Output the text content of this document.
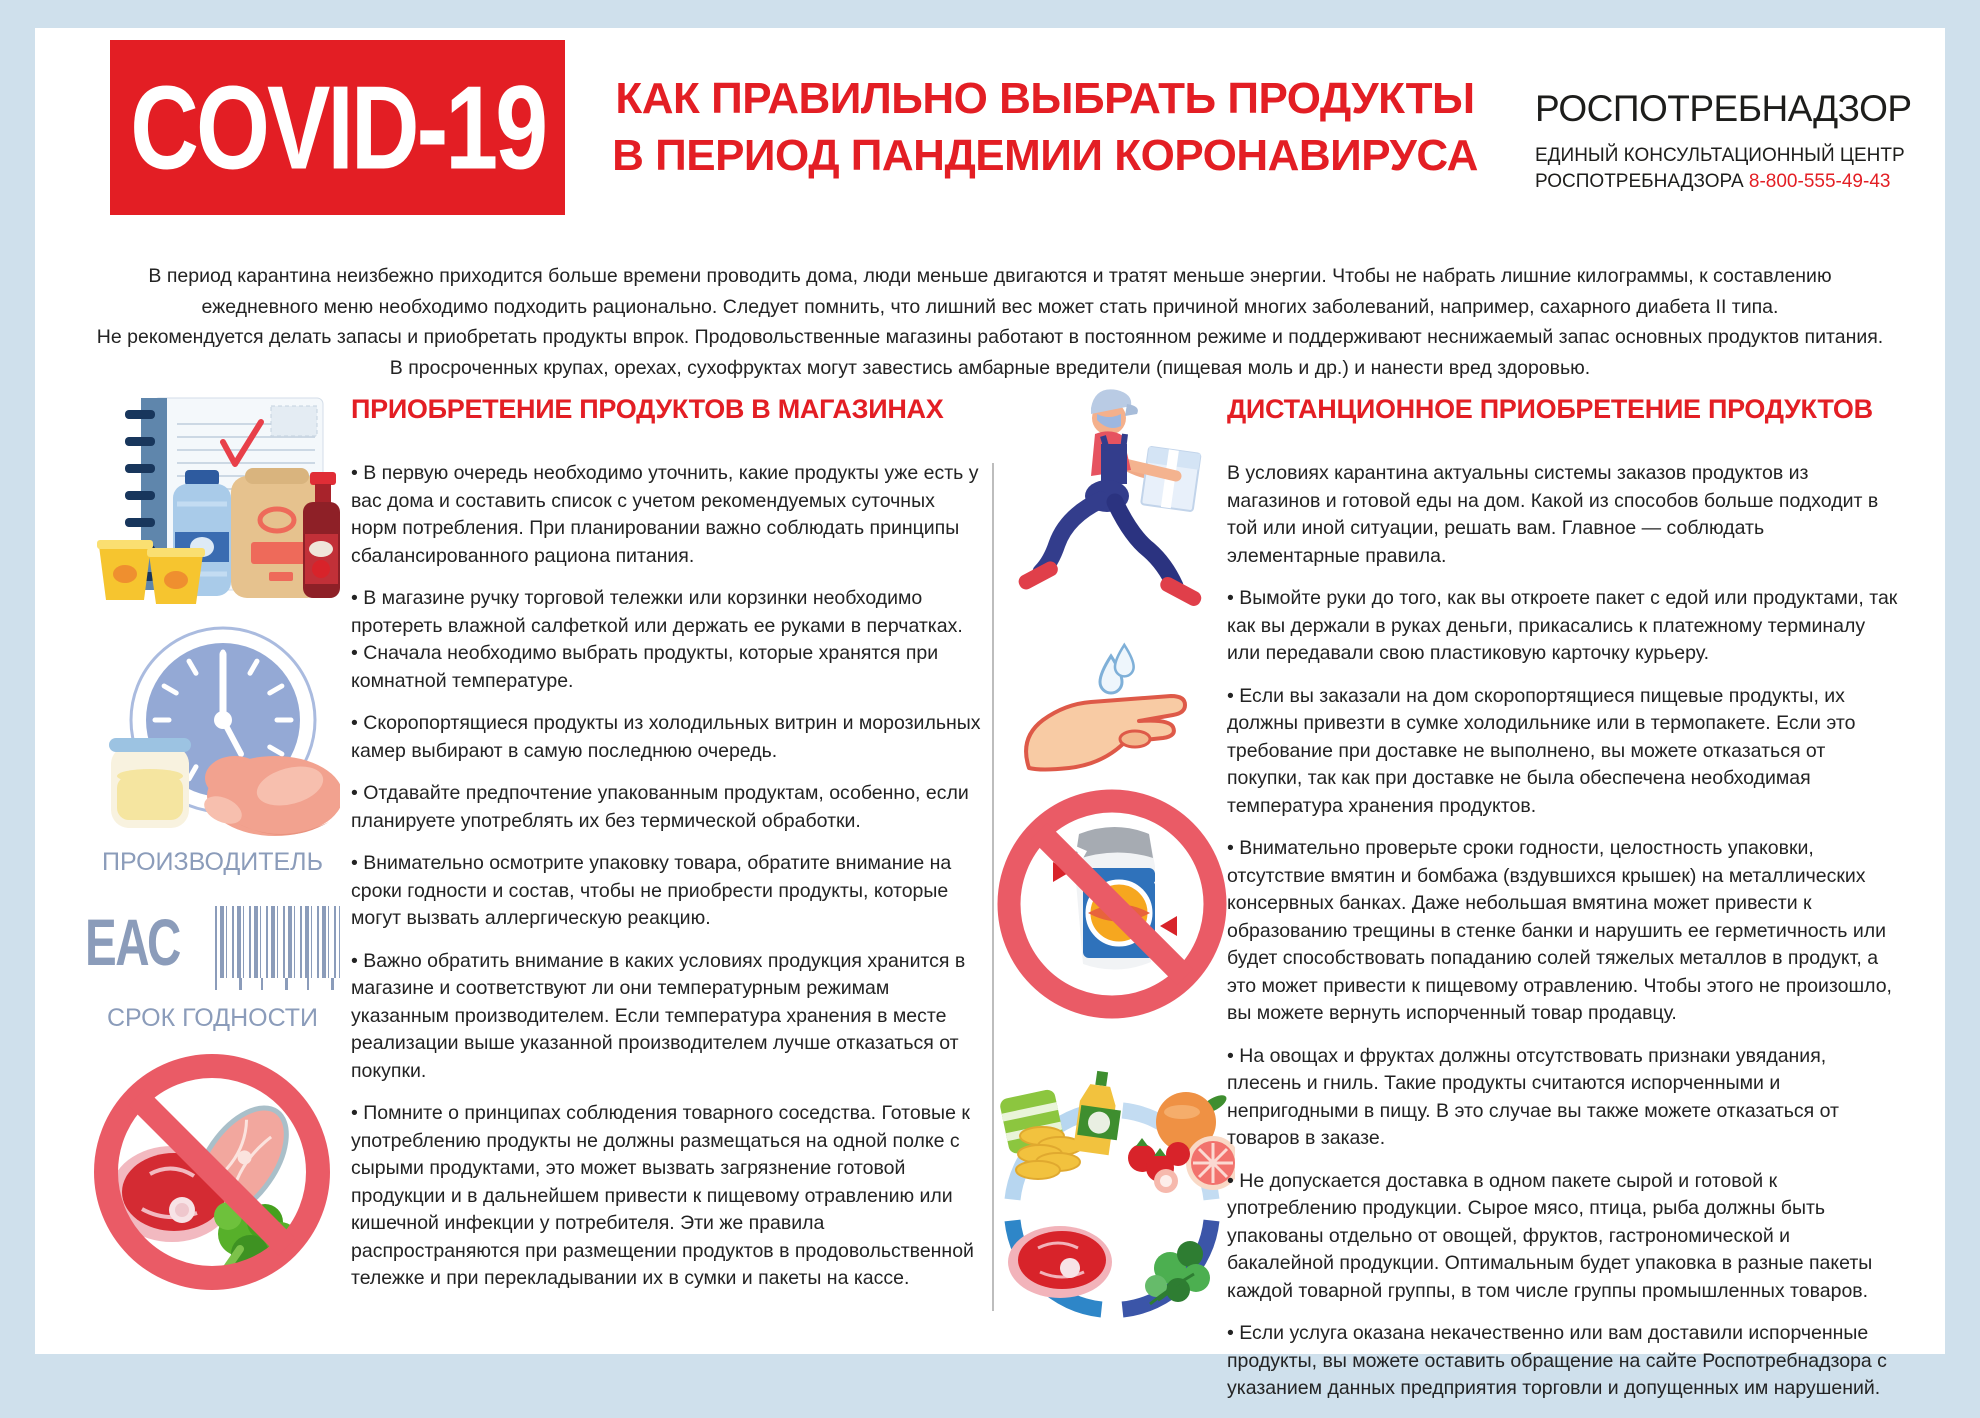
COVID-19	КАК ПРАВИЛЬНО ВЫБРАТЬ ПРОДУКТЫ
В ПЕРИОД ПАНДЕМИИ КОРОНАВИРУСА
РОСПОТРЕБНАДЗОР
ЕДИНЫЙ КОНСУЛЬТАЦИОННЫЙ ЦЕНТР
РОСПОТРЕБНАДЗОРА 8-800-555-49-43
В период карантина неизбежно приходится больше времени проводить дома, люди меньше двигаются и тратят меньше энергии. Чтобы не набрать лишние килограммы, к составлению
ежедневного меню необходимо подходить рационально. Следует помнить, что лишний вес может стать причиной многих заболеваний, например, сахарного диабета II типа.
Не рекомендуется делать запасы и приобретать продукты впрок. Продовольственные магазины работают в постоянном режиме и поддерживают неснижаемый запас основных продуктов питания.
В просроченных крупах, орехах, сухофруктах могут завестись амбарные вредители (пищевая моль и др.) и нанести вред здоровью.
ПРОИЗВОДИТЕЛЬ
ЕАС
СРОК ГОДНОСТИ
ПРИОБРЕТЕНИЕ ПРОДУКТОВ В МАГАЗИНАХ

• В первую очередь необходимо уточнить, какие продукты уже есть у вас дома и составить список с учетом рекомендуемых суточных норм потребления. При планировании важно соблюдать принципы сбалансированного рациона питания.

• В магазине ручку торговой тележки или корзинки необходимо протереть влажной салфеткой или держать ее руками в перчатках.

• Сначала необходимо выбрать продукты, которые хранятся при комнатной температуре.

• Скоропортящиеся продукты из холодильных витрин и морозильных камер выбирают в самую последнюю очередь.

• Отдавайте предпочтение упакованным продуктам, особенно, если планируете употреблять их без термической обработки.

• Внимательно осмотрите упаковку товара, обратите внимание на сроки годности и состав, чтобы не приобрести продукты, которые могут вызвать аллергическую реакцию.

• Важно обратить внимание в каких условиях продукция хранится в магазине и соответствуют ли они температурным режимам указанным производителем. Если температура хранения в месте реализации выше указанной производителем лучше отказаться от покупки.

• Помните о принципах соблюдения товарного соседства. Готовые к употреблению продукты не должны размещаться на одной полке с сырыми продуктами, это может вызвать загрязнение готовой продукции и в дальнейшем привести к пищевому отравлению или кишечной инфекции у потребителя. Эти же правила распространяются при размещении продуктов в продовольственной тележке и при перекладывании их в сумки и пакеты на кассе.

ДИСТАНЦИОННОЕ ПРИОБРЕТЕНИЕ ПРОДУКТОВ

В условиях карантина актуальны системы заказов продуктов из магазинов и готовой еды на дом. Какой из способов больше подходит в той или иной ситуации, решать вам. Главное — соблюдать элементарные правила.

• Вымойте руки до того, как вы откроете пакет с едой или продуктами, так как вы держали в руках деньги, прикасались к платежному терминалу или передавали свою пластиковую карточку курьеру.

• Если вы заказали на дом скоропортящиеся пищевые продукты, их должны привезти в сумке холодильнике или в термопакете. Если это требование при доставке не выполнено, вы можете отказаться от покупки, так как при доставке не была обеспечена необходимая температура хранения продуктов.

• Внимательно проверьте сроки годности, целостность упаковки, отсутствие вмятин и бомбажа (вздувшихся крышек) на металлических консервных банках. Даже небольшая вмятина может привести к образованию трещины в стенке банки и нарушить ее герметичность или будет способствовать попаданию солей тяжелых металлов в продукт, а это может привести к пищевому отравлению. Чтобы этого не произошло, вы можете вернуть испорченный товар продавцу.

• На овощах и фруктах должны отсутствовать признаки увядания, плесень и гниль. Такие продукты считаются испорченными и непригодными в пищу. В это случае вы также можете отказаться от товаров в заказе.

• Не допускается доставка в одном пакете сырой и готовой к употреблению продукции. Сырое мясо, птица, рыба должны быть упакованы отдельно от овощей, фруктов, гастрономической и бакалейной продукции. Оптимальным будет упаковка в разные пакеты каждой товарной группы, в том числе группы промышленных товаров.

• Если услуга оказана некачественно или вам доставили испорченные продукты, вы можете оставить обращение на сайте Роспотребнадзора с указанием данных предприятия торговли и допущенных им нарушений.
